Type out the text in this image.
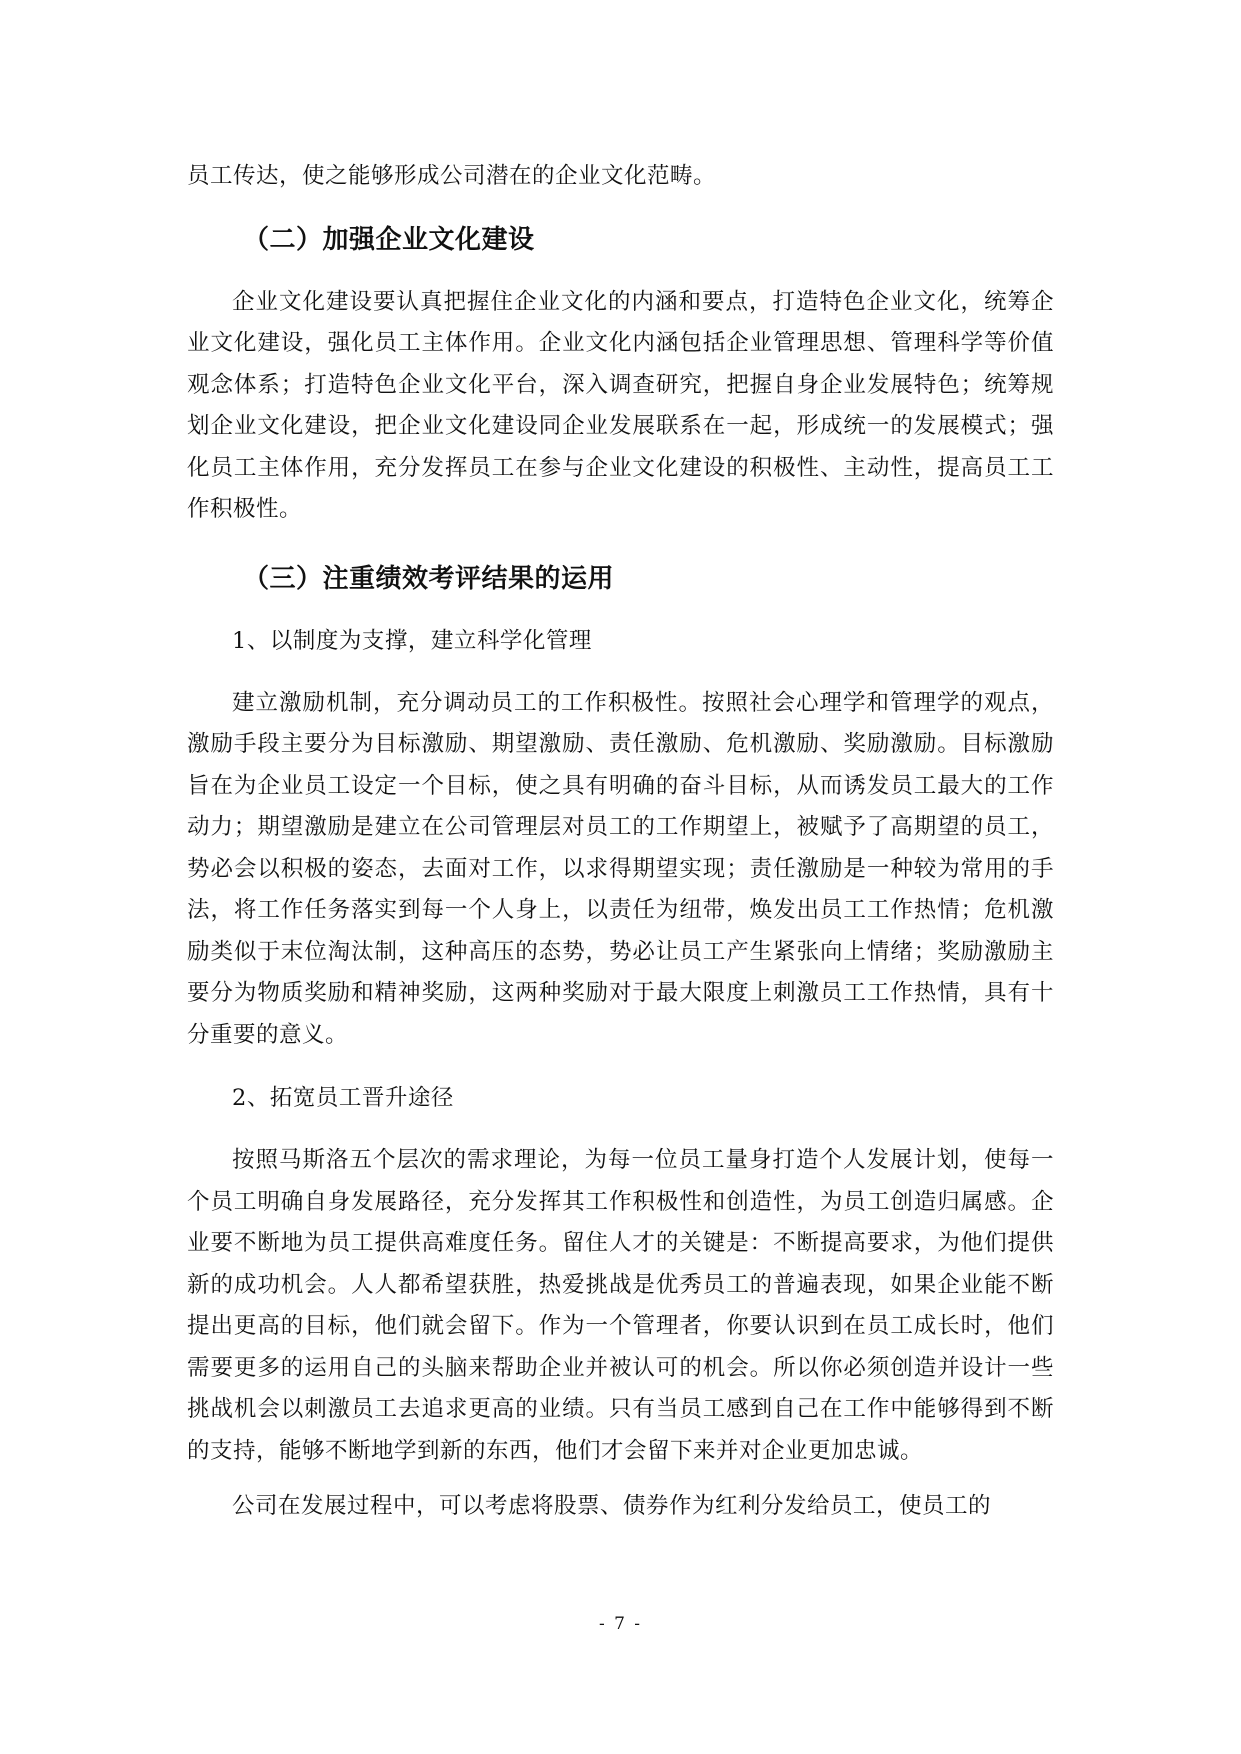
员工传达，使之能够形成公司潜在的企业文化范畴。

（二）加强企业文化建设

企业文化建设要认真把握住企业文化的内涵和要点，打造特色企业文化，统筹企业文化建设，强化员工主体作用。企业文化内涵包括企业管理思想、管理科学等价值观念体系；打造特色企业文化平台，深入调查研究，把握自身企业发展特色；统筹规划企业文化建设，把企业文化建设同企业发展联系在一起，形成统一的发展模式；强化员工主体作用，充分发挥员工在参与企业文化建设的积极性、主动性，提高员工工作积极性。

（三）注重绩效考评结果的运用

1、以制度为支撑，建立科学化管理

建立激励机制，充分调动员工的工作积极性。按照社会心理学和管理学的观点，激励手段主要分为目标激励、期望激励、责任激励、危机激励、奖励激励。目标激励旨在为企业员工设定一个目标，使之具有明确的奋斗目标，从而诱发员工最大的工作动力；期望激励是建立在公司管理层对员工的工作期望上，被赋予了高期望的员工，势必会以积极的姿态，去面对工作，以求得期望实现；责任激励是一种较为常用的手法，将工作任务落实到每一个人身上，以责任为纽带，焕发出员工工作热情；危机激励类似于末位淘汰制，这种高压的态势，势必让员工产生紧张向上情绪；奖励激励主要分为物质奖励和精神奖励，这两种奖励对于最大限度上刺激员工工作热情，具有十分重要的意义。

2、拓宽员工晋升途径

按照马斯洛五个层次的需求理论，为每一位员工量身打造个人发展计划，使每一个员工明确自身发展路径，充分发挥其工作积极性和创造性，为员工创造归属感。企业要不断地为员工提供高难度任务。留住人才的关键是：不断提高要求，为他们提供新的成功机会。人人都希望获胜，热爱挑战是优秀员工的普遍表现，如果企业能不断提出更高的目标，他们就会留下。作为一个管理者，你要认识到在员工成长时，他们需要更多的运用自己的头脑来帮助企业并被认可的机会。所以你必须创造并设计一些挑战机会以刺激员工去追求更高的业绩。只有当员工感到自己在工作中能够得到不断的支持，能够不断地学到新的东西，他们才会留下来并对企业更加忠诚。

公司在发展过程中，可以考虑将股票、债券作为红利分发给员工，使员工的

- 7 -
